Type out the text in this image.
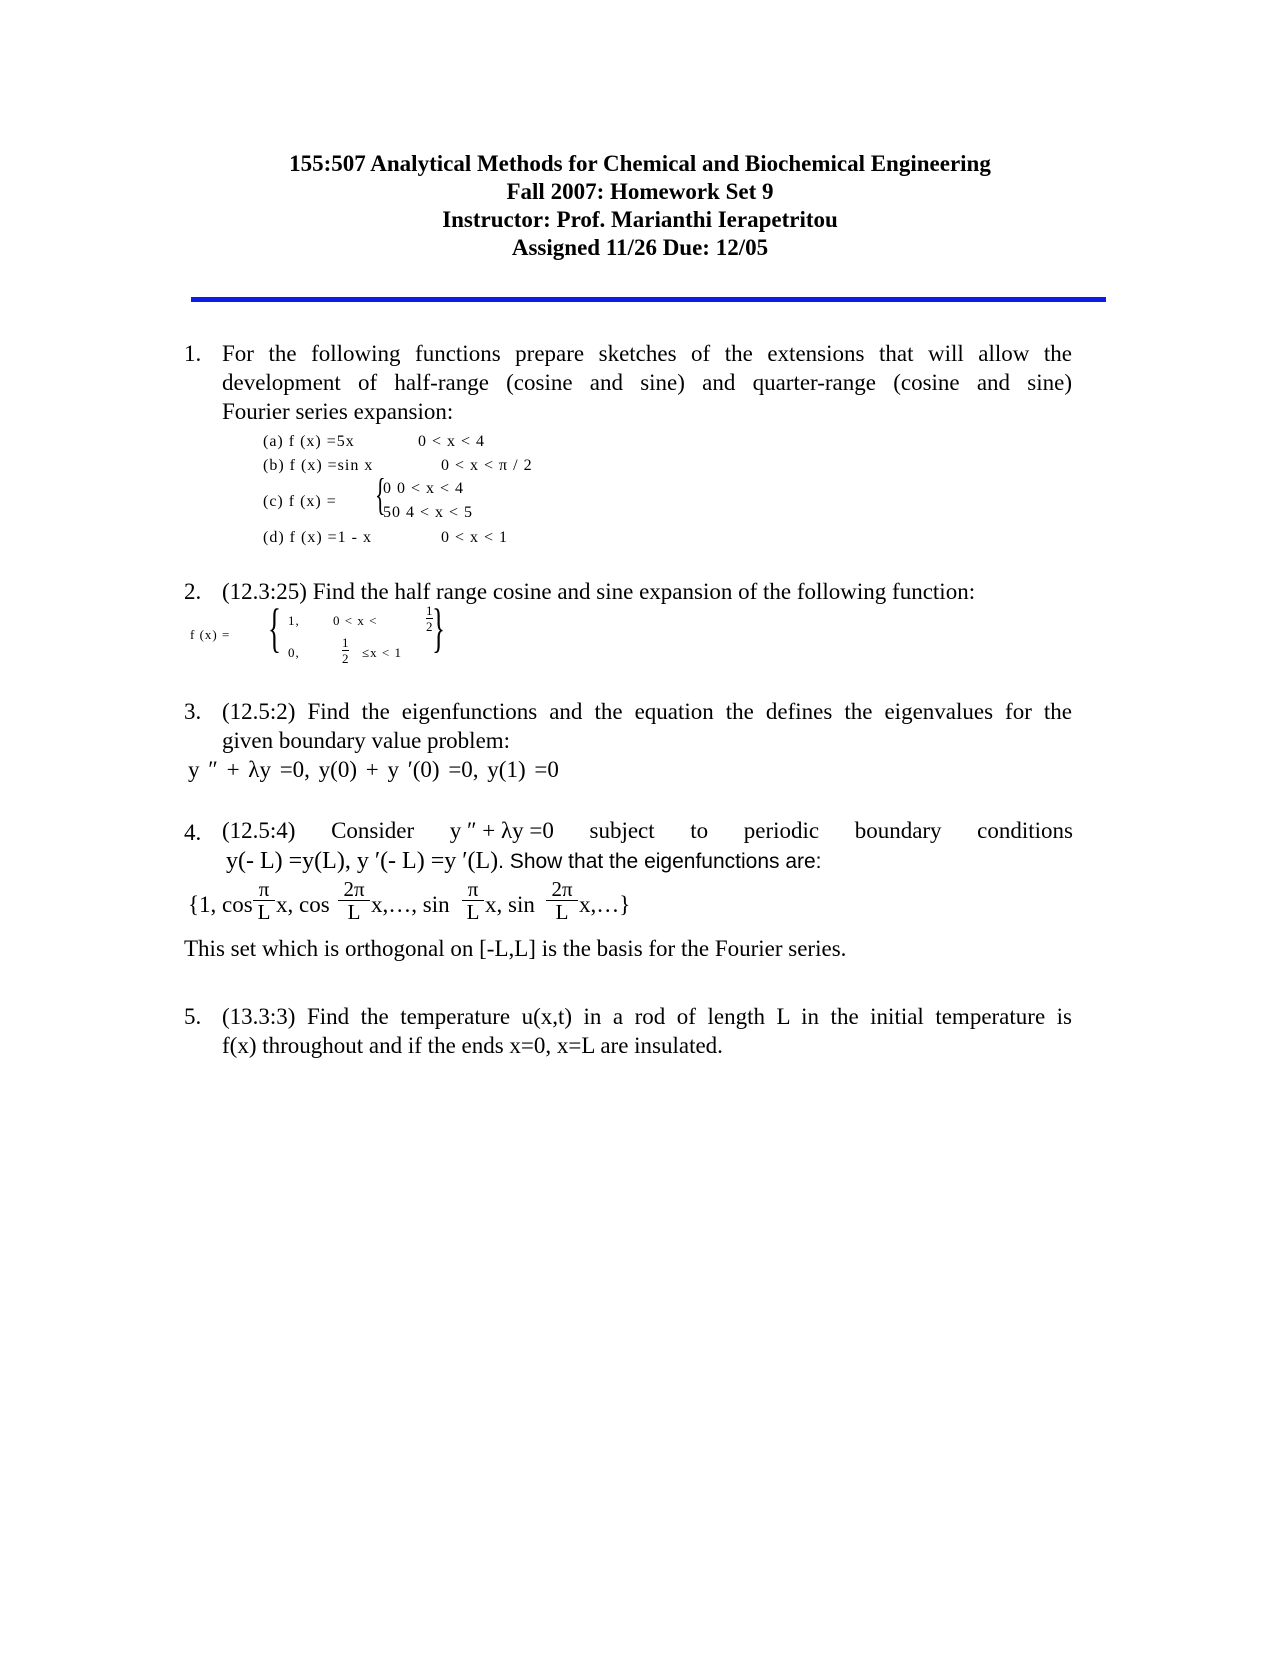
155:507 Analytical Methods for Chemical and Biochemical Engineering
Fall 2007: Homework Set 9
Instructor: Prof. Marianthi Ierapetritou
Assigned 11/26 Due: 12/05
1. For the following functions prepare sketches of the extensions that will allow the
development of half-range (cosine and sine) and quarter-range (cosine and sine)
Fourier series expansion:
(a) f (x) =5x	0 < x < 4
(b) f (x) =sin x	0 < x < π / 2
(c) f (x) = {
0 0 < x < 4
50 4 < x < 5
(d) f (x) =1 - x	0 < x < 1
2. (12.3:25) Find the half range cosine and sine expansion of the following function:
f (x) = { 1,	0 < x <
1
2
0,
1
2 ≤x < 1 {
3. (12.5:2) Find the eigenfunctions and the equation the defines the eigenvalues for the
given boundary value problem:
y ″ + λy =0, y(0) + y ′(0) =0, y(1) =0
4. (12.5:4) Consider y ″ + λy =0 subject to periodic boundary conditions
y(- L) =y(L), y ′(- L) =y ′(L). Show that the eigenfunctions are:
{1, cos
π
L x, cos
2π
L x,…, sin
π
L x, sin
2π
L x,…}
This set which is orthogonal on [-L,L] is the basis for the Fourier series.
5. (13.3:3) Find the temperature u(x,t) in a rod of length L in the initial temperature is
f(x) throughout and if the ends x=0, x=L are insulated.
